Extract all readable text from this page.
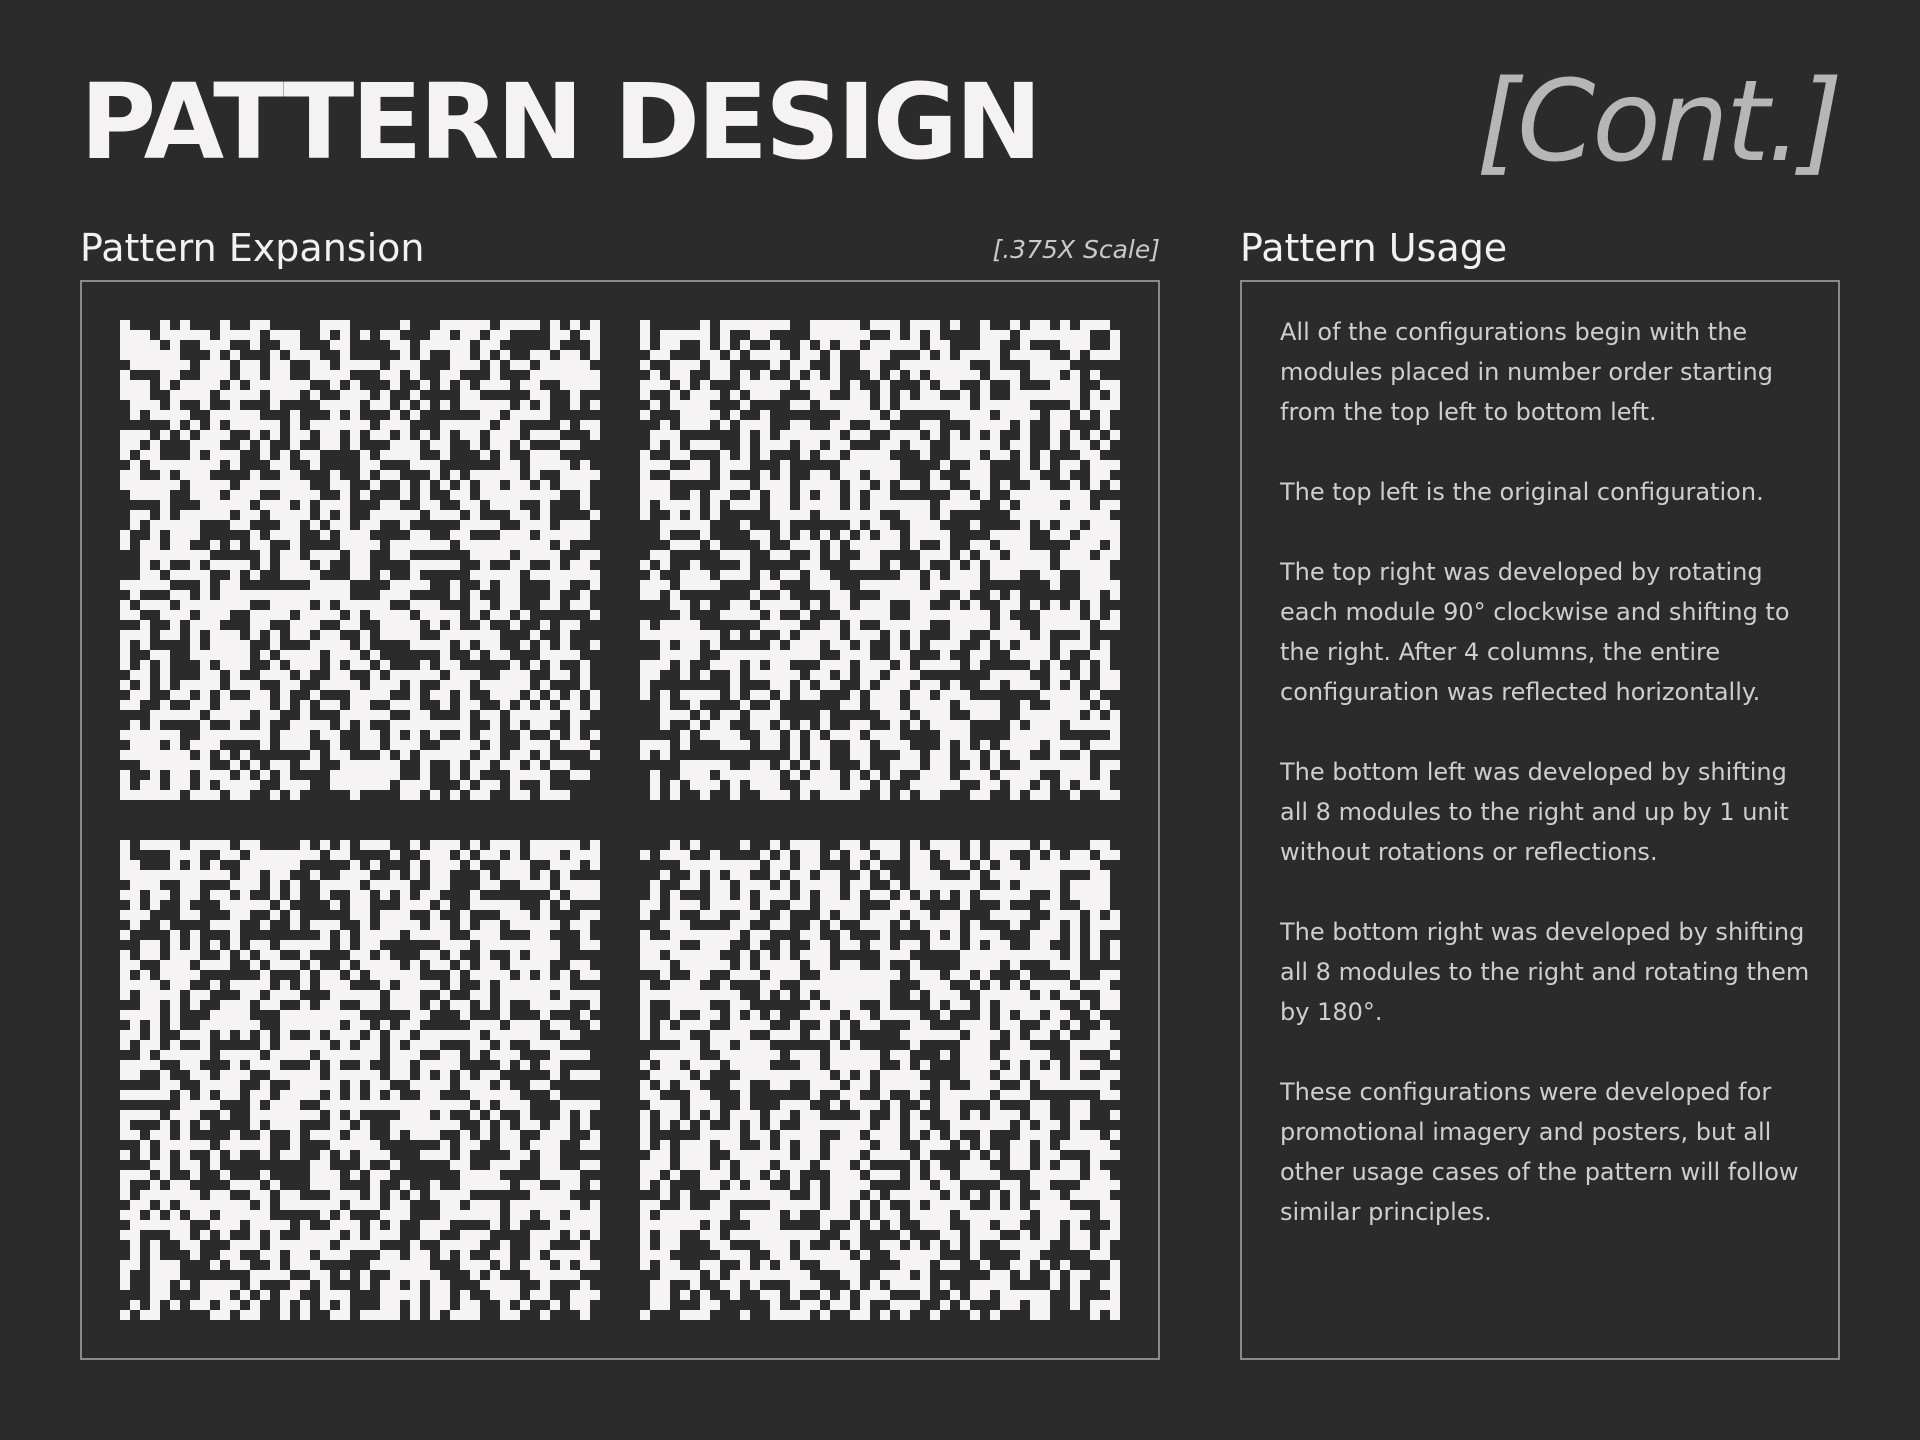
PATTERN DESIGN	[Cont.]
Pattern Expansion	[.375X Scale] Pattern Usage

All of the configurations begin with the modules placed in number order starting from the top left to bottom left.

The top left is the original configuration.

The top right was developed by rotating each module 90° clockwise and shifting to the right. After 4 columns, the entire configuration was reflected horizontally.

The bottom left was developed by shifting all 8 modules to the right and up by 1 unit without rotations or reflections.

The bottom right was developed by shifting all 8 modules to the right and rotating them by 180°.

These configurations were developed for promotional imagery and posters, but all other usage cases of the pattern will follow similar principles.
